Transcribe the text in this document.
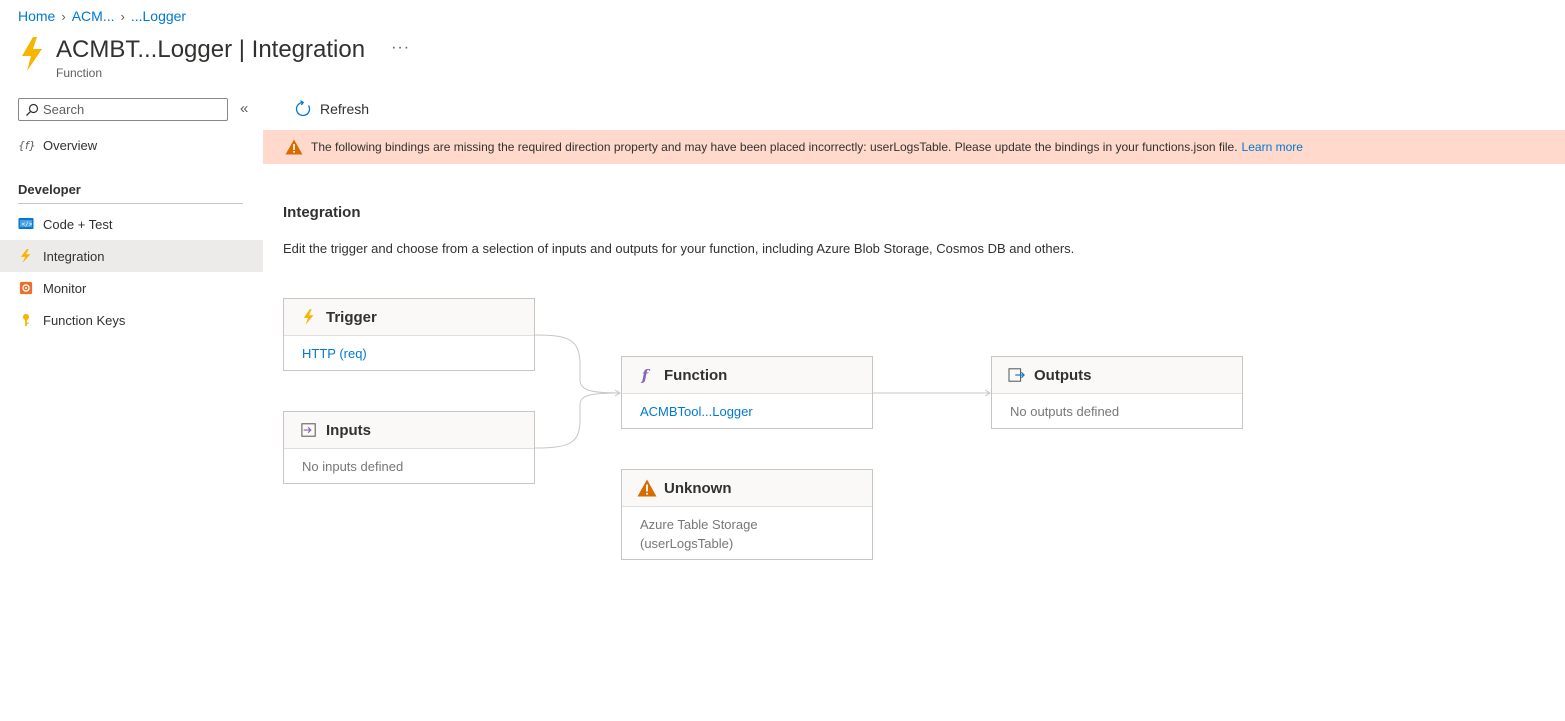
Home › ACM... › ...Logger
ACMBT...Logger | Integration ···
Function
Search
«
{f} Overview
Developer
</> Code + Test
Integration
Monitor
Function Keys
Refresh
The following bindings are missing the required direction property and may have been placed incorrectly: userLogsTable. Please update the bindings in your functions.json file. Learn more
Integration
Edit the trigger and choose from a selection of inputs and outputs for your function, including Azure Blob Storage, Cosmos DB and others.
Trigger
HTTP (req)
Inputs
No inputs defined
f Function
ACMBTool...Logger
Outputs
No outputs defined
Unknown
Azure Table Storage
(userLogsTable)
